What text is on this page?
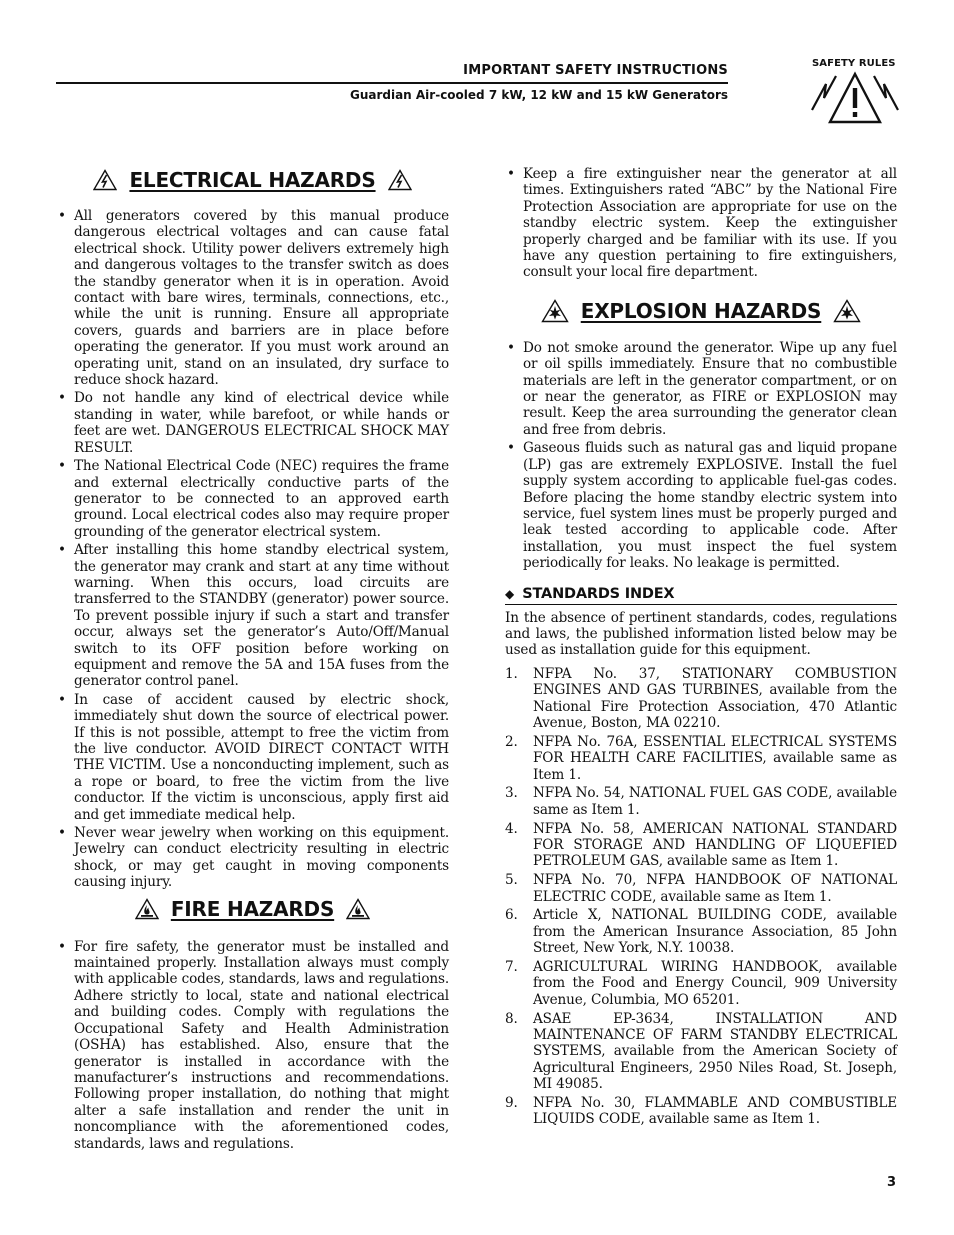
IMPORTANT SAFETY INSTRUCTIONS
Guardian Air-cooled 7 kW, 12 kW and 15 kW Generators
SAFETY RULES
ELECTRICAL HAZARDS
• All generators covered by this manual produce dangerous electrical voltages and can cause fatal electrical shock. Utility power delivers extremely high and dangerous voltages to the transfer switch as does the standby generator when it is in operation. Avoid contact with bare wires, terminals, connections, etc., while the unit is running. Ensure all appropriate covers, guards and barriers are in place before operating the generator. If you must work around an operating unit, stand on an insulated, dry surface to reduce shock hazard.
• Do not handle any kind of electrical device while standing in water, while barefoot, or while hands or feet are wet. DANGEROUS ELECTRICAL SHOCK MAY RESULT.
• The National Electrical Code (NEC) requires the frame and external electrically conductive parts of the generator to be connected to an approved earth ground. Local electrical codes also may require proper grounding of the generator electrical system.
• After installing this home standby electrical system, the generator may crank and start at any time without warning. When this occurs, load circuits are transferred to the STANDBY (generator) power source. To prevent possible injury if such a start and transfer occur, always set the generator’s Auto/Off/Manual switch to its OFF position before working on equipment and remove the 5A and 15A fuses from the generator control panel.
• In case of accident caused by electric shock, immediately shut down the source of electrical power. If this is not possible, attempt to free the victim from the live conductor. AVOID DIRECT CONTACT WITH THE VICTIM. Use a nonconducting implement, such as a rope or board, to free the victim from the live conductor. If the victim is unconscious, apply first aid and get immediate medical help.
• Never wear jewelry when working on this equipment. Jewelry can conduct electricity resulting in electric shock, or may get caught in moving components causing injury.
FIRE HAZARDS
• For fire safety, the generator must be installed and maintained properly. Installation always must comply with applicable codes, standards, laws and regulations. Adhere strictly to local, state and national electrical and building codes. Comply with regulations the Occupational Safety and Health Administration (OSHA) has established. Also, ensure that the generator is installed in accordance with the manufacturer’s instructions and recommendations. Following proper installation, do nothing that might alter a safe installation and render the unit in noncompliance with the aforementioned codes, standards, laws and regulations.
• Keep a fire extinguisher near the generator at all times. Extinguishers rated “ABC” by the National Fire Protection Association are appropriate for use on the standby electric system. Keep the extinguisher properly charged and be familiar with its use. If you have any question pertaining to fire extinguishers, consult your local fire department.
EXPLOSION HAZARDS
• Do not smoke around the generator. Wipe up any fuel or oil spills immediately. Ensure that no combustible materials are left in the generator compartment, or on or near the generator, as FIRE or EXPLOSION may result. Keep the area surrounding the generator clean and free from debris.
• Gaseous fluids such as natural gas and liquid propane (LP) gas are extremely EXPLOSIVE. Install the fuel supply system according to applicable fuel-gas codes. Before placing the home standby electric system into service, fuel system lines must be properly purged and leak tested according to applicable code. After installation, you must inspect the fuel system periodically for leaks. No leakage is permitted.
◆ STANDARDS INDEX

In the absence of pertinent standards, codes, regulations and laws, the published information listed below may be used as installation guide for this equipment.

1.	NFPA No. 37, STATIONARY COMBUSTION ENGINES AND GAS TURBINES, available from the National Fire Protection Association, 470 Atlantic Avenue, Boston, MA 02210.
2.	NFPA No. 76A, ESSENTIAL ELECTRICAL SYSTEMS FOR HEALTH CARE FACILITIES, available same as Item 1.
3.	NFPA No. 54, NATIONAL FUEL GAS CODE, available same as Item 1.
4.	NFPA No. 58, AMERICAN NATIONAL STANDARD FOR STORAGE AND HANDLING OF LIQUEFIED PETROLEUM GAS, available same as Item 1.
5.	NFPA No. 70, NFPA HANDBOOK OF NATIONAL ELECTRIC CODE, available same as Item 1.
6.	Article X, NATIONAL BUILDING CODE, available from the American Insurance Association, 85 John Street, New York, N.Y. 10038.
7.	AGRICULTURAL WIRING HANDBOOK, available from the Food and Energy Council, 909 University Avenue, Columbia, MO 65201.
8.	ASAE EP-3634, INSTALLATION AND MAINTENANCE OF FARM STANDBY ELECTRICAL SYSTEMS, available from the American Society of Agricultural Engineers, 2950 Niles Road, St. Joseph, MI 49085.
9.	NFPA No. 30, FLAMMABLE AND COMBUSTIBLE LIQUIDS CODE, available same as Item 1.
3
